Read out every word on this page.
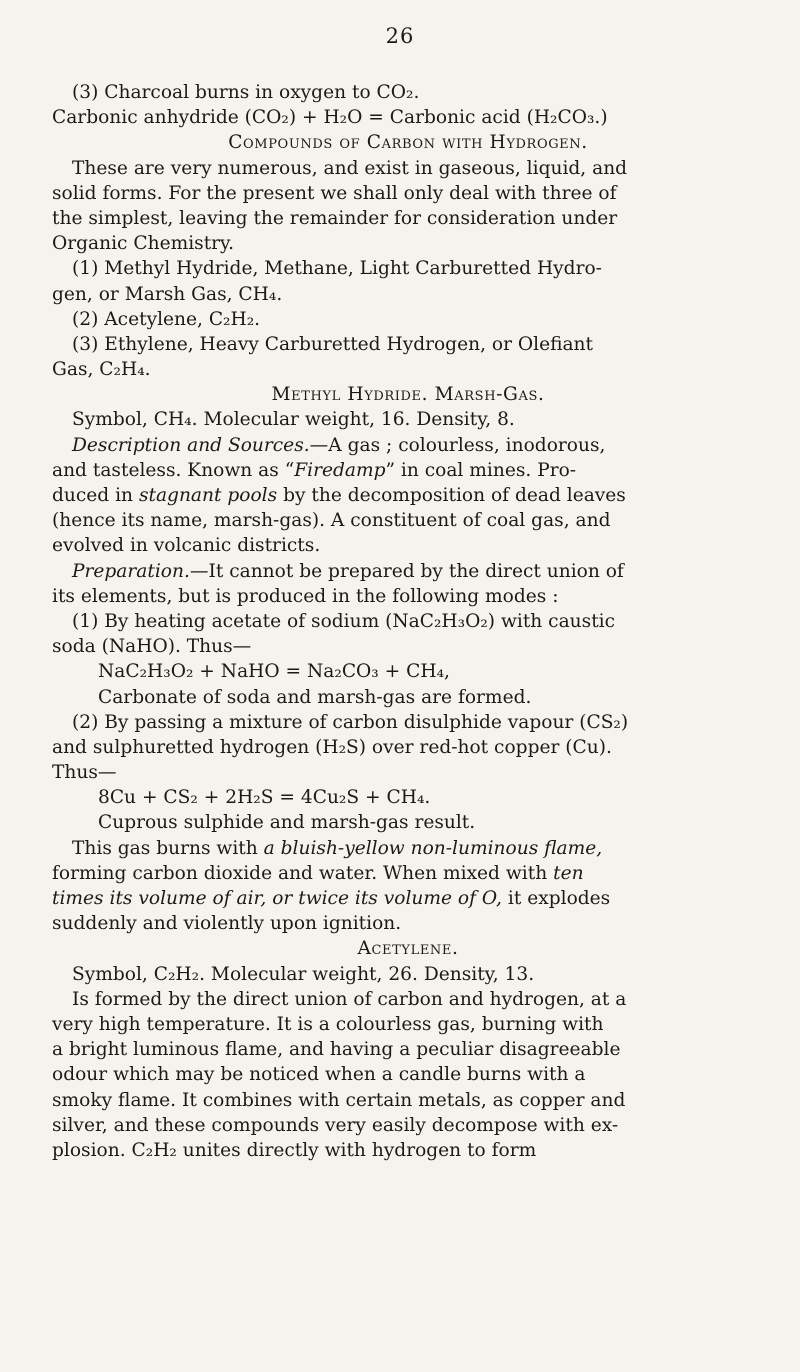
26
(3) Charcoal burns in oxygen to CO₂.
Carbonic anhydride (CO₂) + H₂O = Carbonic acid (H₂CO₃.)
Compounds of Carbon with Hydrogen.
These are very numerous, and exist in gaseous, liquid, and
solid forms. For the present we shall only deal with three of
the simplest, leaving the remainder for consideration under
Organic Chemistry.
(1) Methyl Hydride, Methane, Light Carburetted Hydro-
gen, or Marsh Gas, CH₄.
(2) Acetylene, C₂H₂.
(3) Ethylene, Heavy Carburetted Hydrogen, or Olefiant
Gas, C₂H₄.
Methyl Hydride. Marsh-Gas.
Symbol, CH₄. Molecular weight, 16. Density, 8.
Description and Sources.—A gas ; colourless, inodorous,
and tasteless. Known as “Firedamp” in coal mines. Pro-
duced in stagnant pools by the decomposition of dead leaves
(hence its name, marsh-gas). A constituent of coal gas, and
evolved in volcanic districts.
Preparation.—It cannot be prepared by the direct union of
its elements, but is produced in the following modes :
(1) By heating acetate of sodium (NaC₂H₃O₂) with caustic
soda (NaHO). Thus—
NaC₂H₃O₂ + NaHO = Na₂CO₃ + CH₄,
Carbonate of soda and marsh-gas are formed.
(2) By passing a mixture of carbon disulphide vapour (CS₂)
and sulphuretted hydrogen (H₂S) over red-hot copper (Cu).
Thus—
8Cu + CS₂ + 2H₂S = 4Cu₂S + CH₄.
Cuprous sulphide and marsh-gas result.
This gas burns with a bluish-yellow non-luminous flame,
forming carbon dioxide and water. When mixed with ten
times its volume of air, or twice its volume of O, it explodes
suddenly and violently upon ignition.
Acetylene.
Symbol, C₂H₂. Molecular weight, 26. Density, 13.
Is formed by the direct union of carbon and hydrogen, at a
very high temperature. It is a colourless gas, burning with
a bright luminous flame, and having a peculiar disagreeable
odour which may be noticed when a candle burns with a
smoky flame. It combines with certain metals, as copper and
silver, and these compounds very easily decompose with ex-
plosion. C₂H₂ unites directly with hydrogen to form
